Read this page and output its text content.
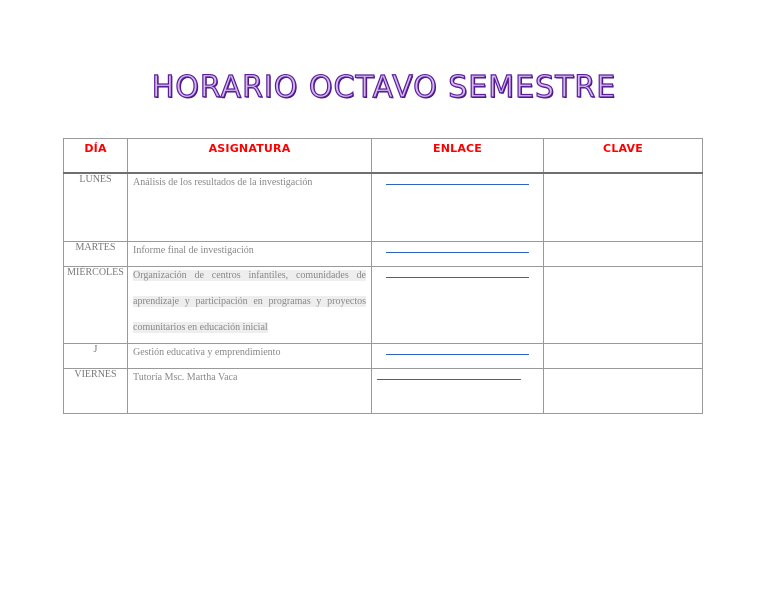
HORARIO OCTAVO SEMESTRE
DÍA	ASIGNATURA	ENLACE	CLAVE
LUNES	Análisis de los resultados de la investigación		

MARTES	Informe final de investigación		

MIÉRCOLES	Organización de centros infantiles, comunidades de aprendizaje y participación en programas y proyectos comunitarios en educación inicial		

J	Gestión educativa y emprendimiento		

VIERNES	Tutoría Msc. Martha Vaca		
